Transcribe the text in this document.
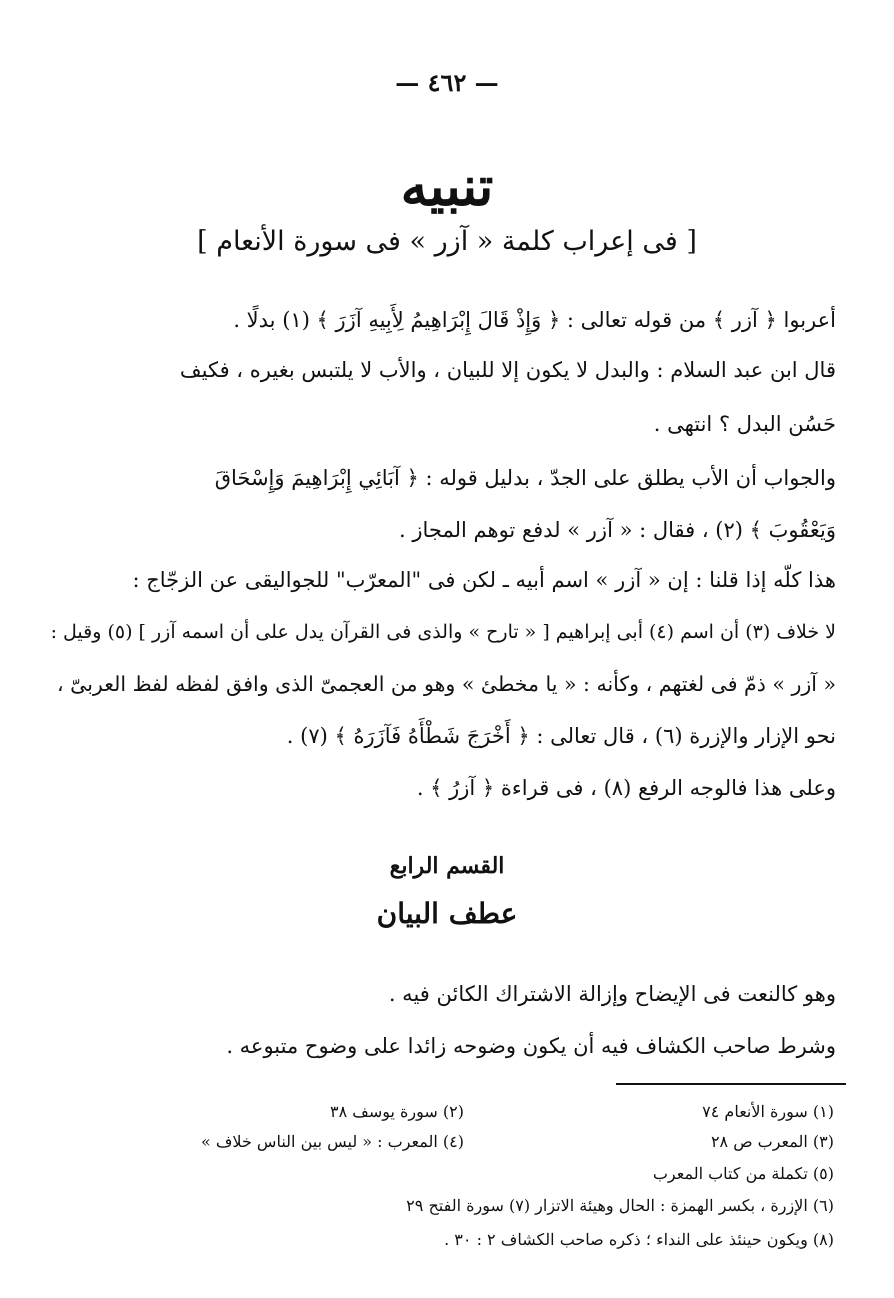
— ٤٦٢ —
تنبيه
[ فى إعراب كلمة « آزر » فى سورة الأنعام ]
أعربوا ﴿ آزر ﴾ من قوله تعالى : ﴿ وَإِذْ قَالَ إِبْرَاهِيمُ لِأَبِيهِ آزَرَ ﴾ (١) بدلًا .
قال ابن عبد السلام : والبدل لا يكون إلا للبيان ، والأب لا يلتبس بغيره ، فكيف
حَسُن البدل ؟ انتهى .
والجواب أن الأب يطلق على الجدّ ، بدليل قوله : ﴿ آبَائِي إِبْرَاهِيمَ وَإِسْحَاقَ
وَيَعْقُوبَ ﴾ (٢) ، فقال : « آزر » لدفع توهم المجاز .
هذا كلّه إذا قلنا : إن « آزر » اسم أبيه ـ لكن فى "المعرّب" للجواليقى عن الزجّاج :
لا خلاف (٣) أن اسم (٤) أبى إبراهيم [ « تارح » والذى فى القرآن يدل على أن اسمه آزر ] (٥) وقيل :
« آزر » ذمّ فى لغتهم ، وكأنه : « يا مخطئ » وهو من العجمىّ الذى وافق لفظه لفظ العربىّ ،
نحو الإزار والإزرة (٦) ، قال تعالى : ﴿ أَخْرَجَ شَطْأَهُ فَآزَرَهُ ﴾ (٧) .
وعلى هذا فالوجه الرفع (٨) ، فى قراءة ﴿ آزرُ ﴾ .
القسم الرابع
عطف البيان
وهو كالنعت فى الإيضاح وإزالة الاشتراك الكائن فيه .
وشرط صاحب الكشاف فيه أن يكون وضوحه زائدا على وضوح متبوعه .
(١) سورة الأنعام ٧٤
(٢) سورة يوسف ٣٨
(٣) المعرب ص ٢٨
(٤) المعرب : « ليس بين الناس خلاف »
(٥) تكملة من كتاب المعرب
(٦) الإزرة ، بكسر الهمزة : الحال وهيئة الاتزار (٧) سورة الفتح ٢٩
(٨) ويكون حينئذ على النداء ؛ ذكره صاحب الكشاف ٢ : ٣٠ .
